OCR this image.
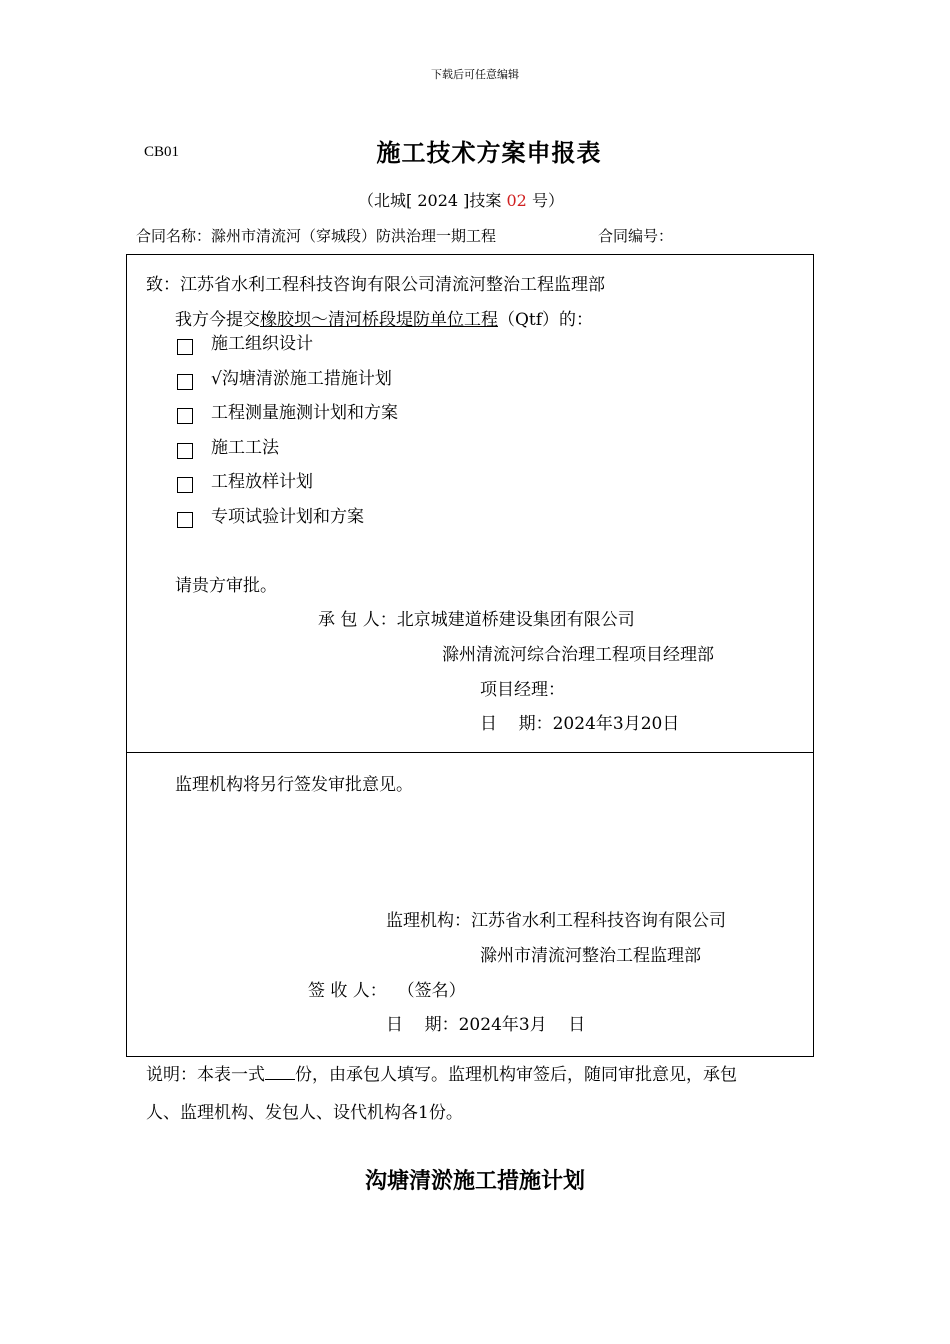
下载后可任意编辑
CB01	施工技术方案申报表
（北城[ 2024 ]技案 02 号）
合同名称：滁州市清流河（穿城段）防洪治理一期工程	合同编号：
致：江苏省水利工程科技咨询有限公司清流河整治工程监理部
我方今提交橡胶坝～清河桥段堤防单位工程（Qtf）的：
施工组织设计
√沟塘清淤施工措施计划
工程测量施测计划和方案
施工工法
工程放样计划
专项试验计划和方案
请贵方审批。
承 包 人：北京城建道桥建设集团有限公司
滁州清流河综合治理工程项目经理部
项目经理：
日    期：2024年3月20日
监理机构将另行签发审批意见。
监理机构：江苏省水利工程科技咨询有限公司
滁州市清流河整治工程监理部
签 收 人：  （签名）
日    期：2024年3月    日
说明：本表一式 份，由承包人填写。监理机构审签后，随同审批意见，承包
人、监理机构、发包人、设代机构各1份。
沟塘清淤施工措施计划
